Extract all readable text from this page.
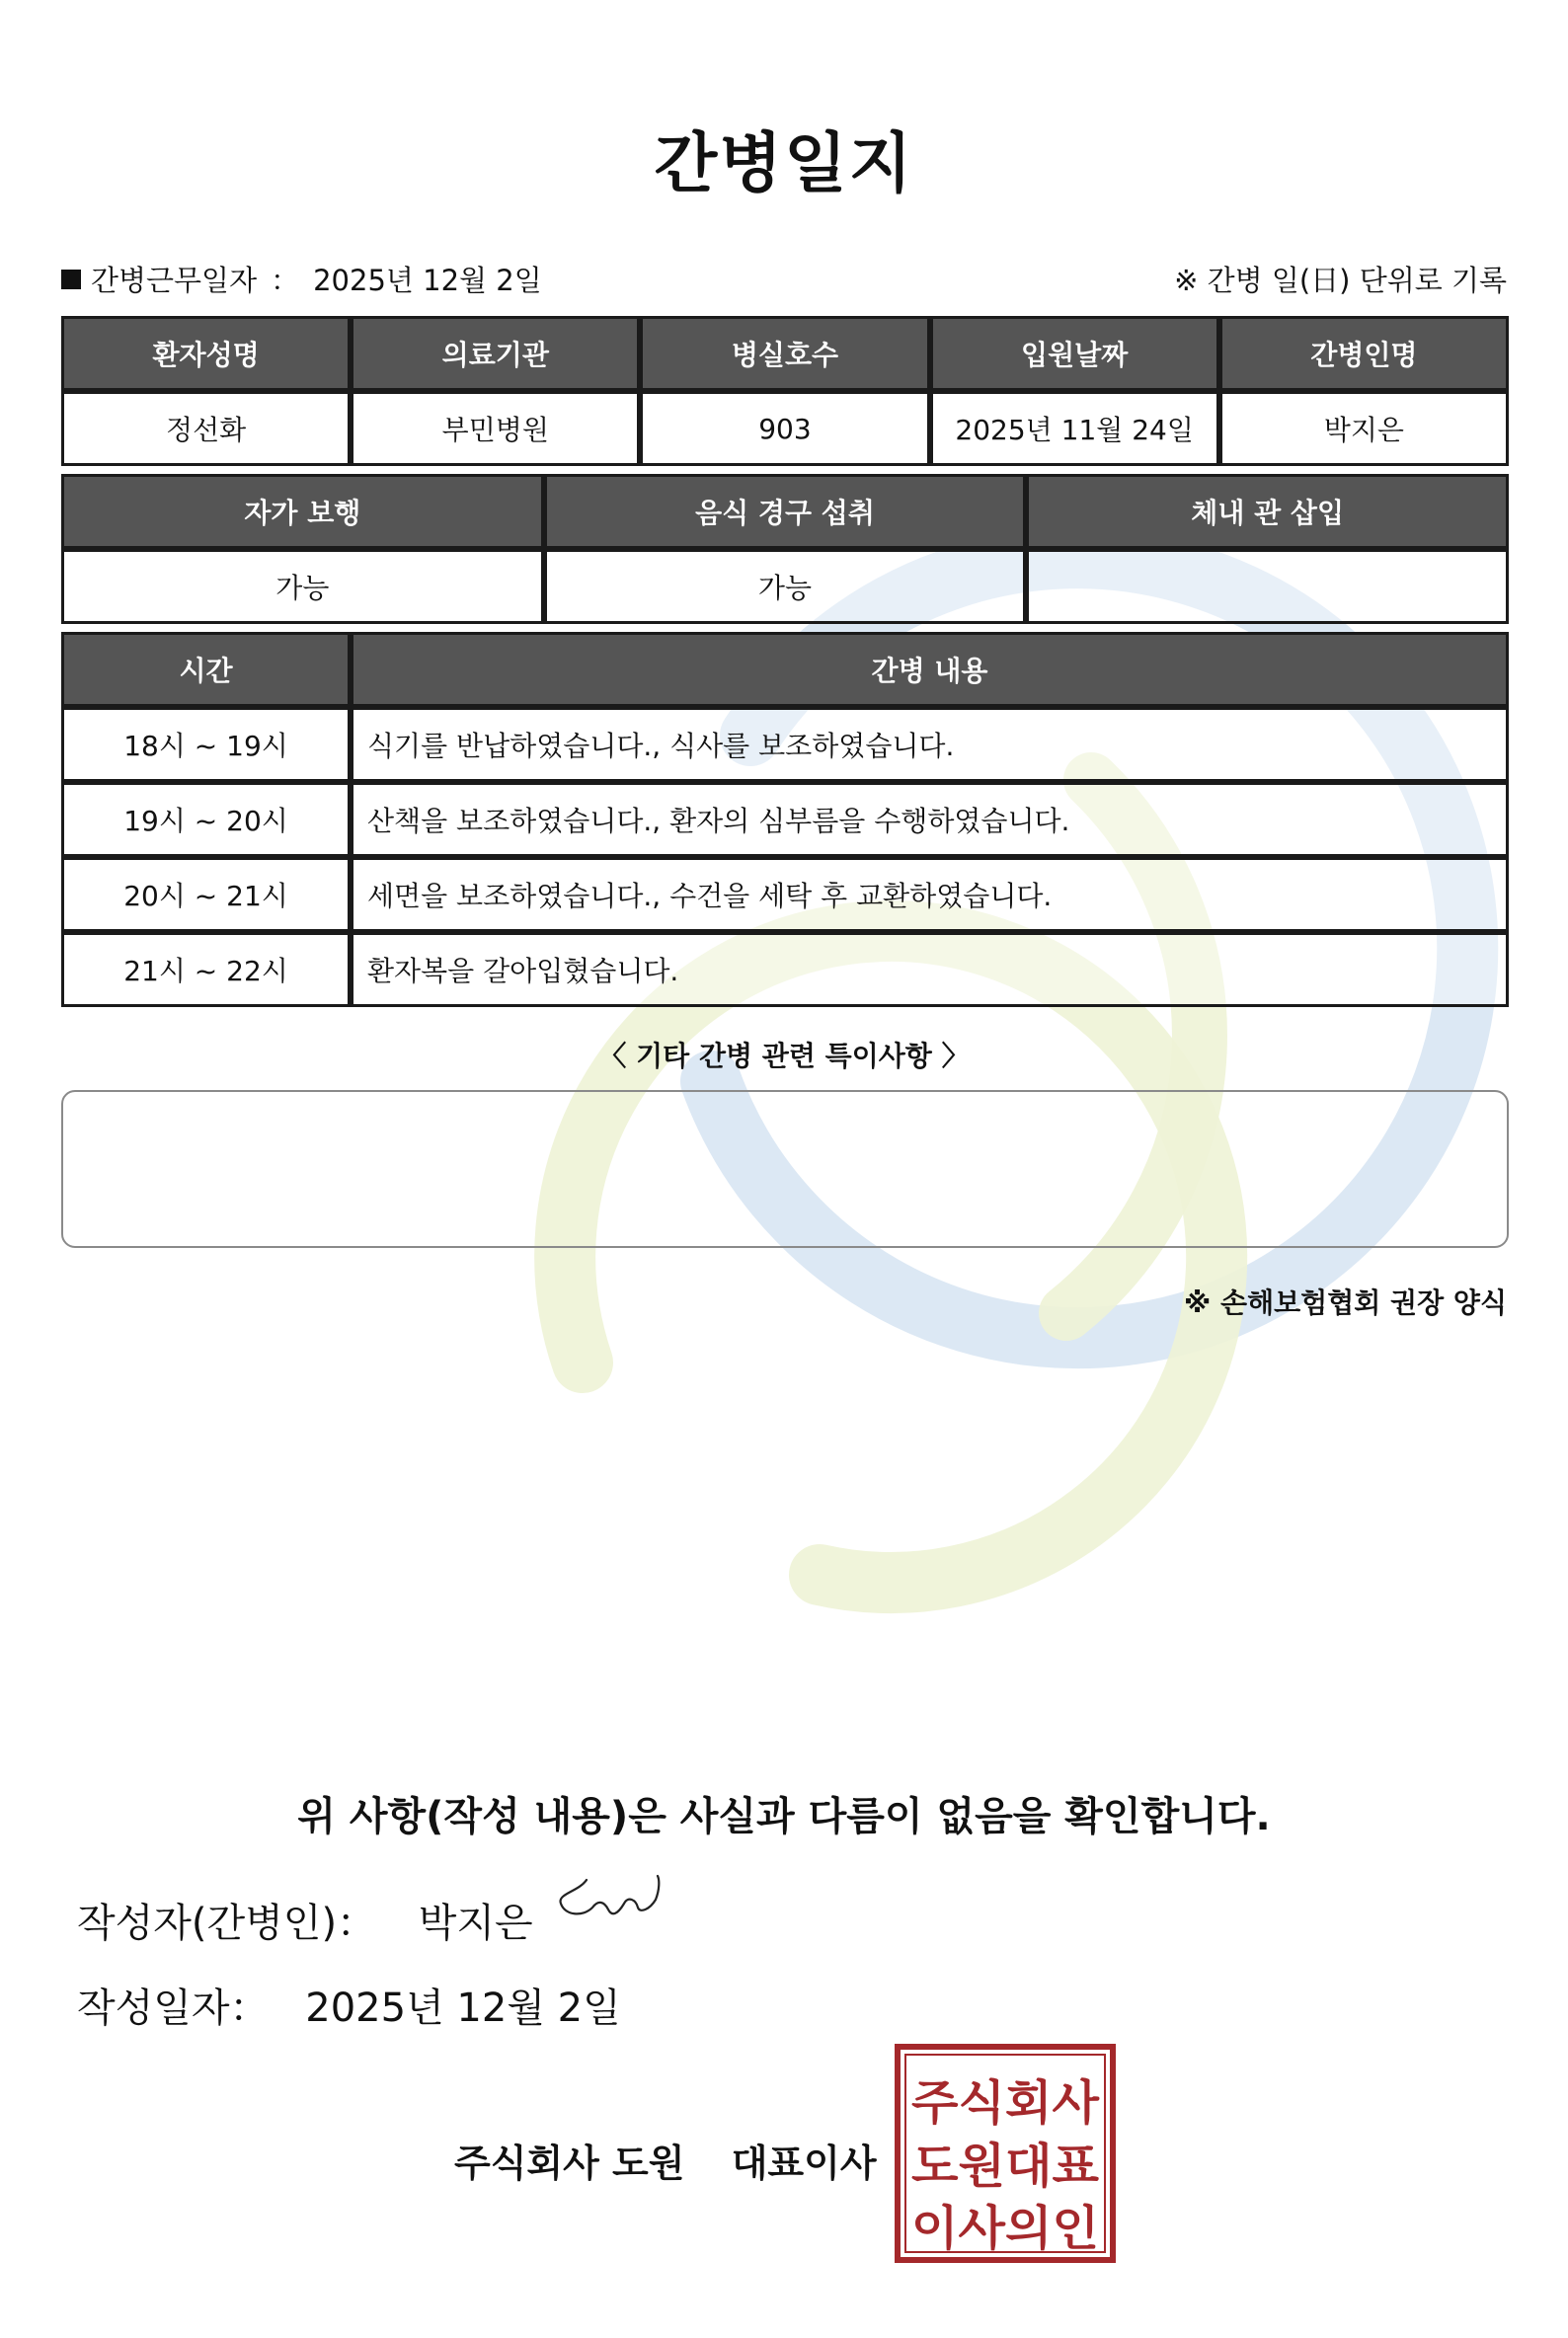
간병일지
간병근무일자 ： 2025년 12월 2일	※ 간병 일(日) 단위로 기록
환자성명	의료기관	병실호수	입원날짜	간병인명
정선화	부민병원	903	2025년 11월 24일	박지은
자가 보행	음식 경구 섭취	체내 관 삽입
가능	가능	
시간	간병 내용
18시 ~ 19시	식기를 반납하였습니다., 식사를 보조하였습니다.
19시 ~ 20시	산책을 보조하였습니다., 환자의 심부름을 수행하였습니다.
20시 ~ 21시	세면을 보조하였습니다., 수건을 세탁 후 교환하였습니다.
21시 ~ 22시	환자복을 갈아입혔습니다.
〈 기타 간병 관련 특이사항 〉
※ 손해보험협회 권장 양식
위 사항(작성 내용)은 사실과 다름이 없음을 확인합니다.
작성자(간병인)： 박지은
작성일자： 2025년 12월 2일
주식회사 도원 대표이사
주식회사
도원대표
이사의인
